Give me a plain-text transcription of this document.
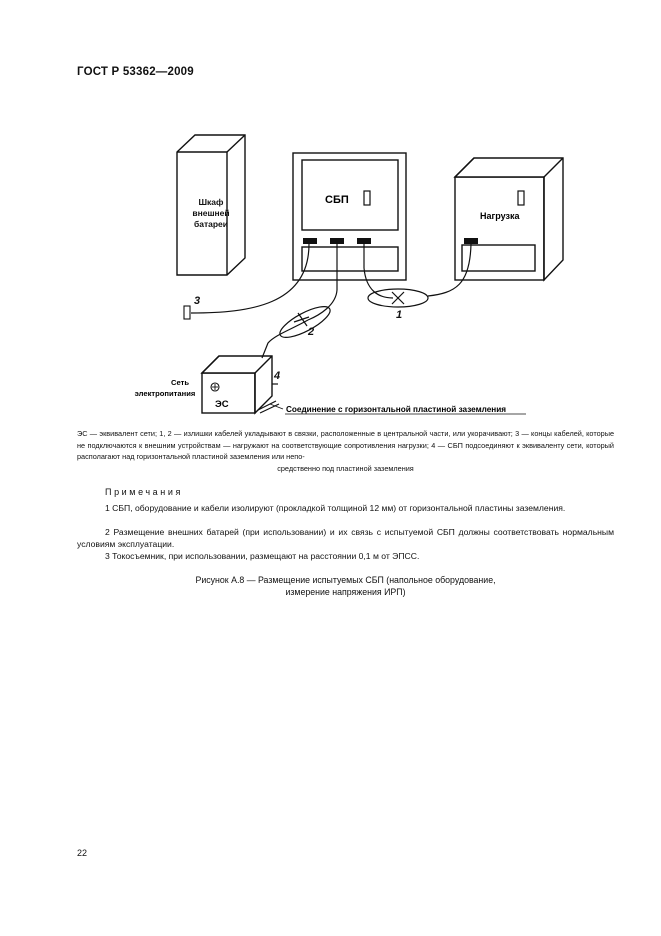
ГОСТ Р 53362—2009
Шкаф
внешней
батареи
СБП
Нагрузка
ЭС
Сеть
электропитания
Соединение с горизонтальной пластиной заземления
1
2
3
4
ЭС — эквивалент сети; 1, 2 — излишки кабелей укладывают в связки, расположенные в центральной части, или укорачивают; 3 — концы кабелей, которые не подключаются к внешним устройствам — нагружают на соответствующие сопротивления нагрузки; 4 — СБП подсоединяют к эквиваленту сети, который располагают над горизонтальной пластиной заземления или непо-
средственно под пластиной заземления
Примечания
1 СБП, оборудование и кабели изолируют (прокладкой толщиной 12 мм) от горизонтальной пластины заземления.
2 Размещение внешних батарей (при использовании) и их связь с испытуемой СБП должны соответствовать нормальным условиям эксплуатации.
3 Токосъемник, при использовании, размещают на расстоянии 0,1 м от ЭПСС.
Рисунок А.8 — Размещение испытуемых СБП (напольное оборудование,
измерение напряжения ИРП)
22
